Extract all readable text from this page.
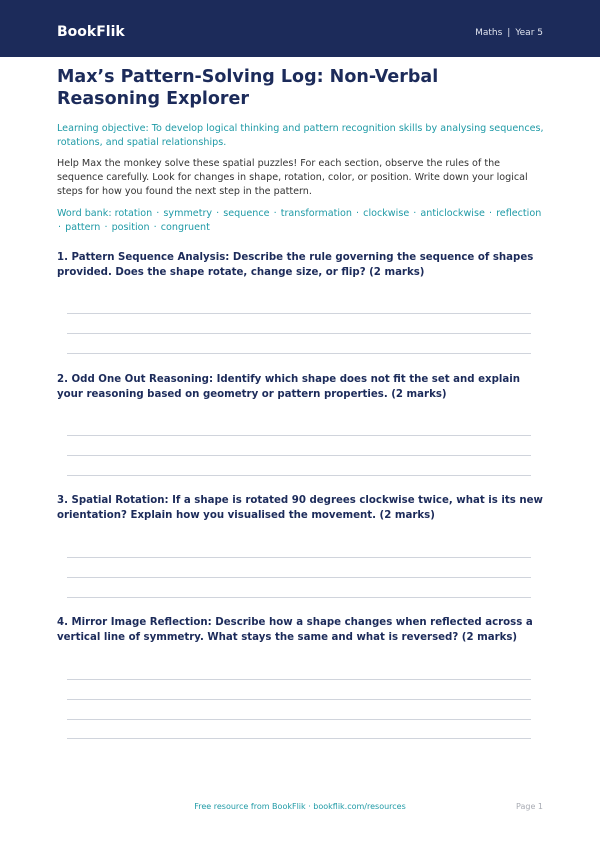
BookFlik	Maths | Year 5
Max’s Pattern-Solving Log: Non-Verbal Reasoning Explorer

Learning objective: To develop logical thinking and pattern recognition skills by analysing sequences, rotations, and spatial relationships.

Help Max the monkey solve these spatial puzzles! For each section, observe the rules of the sequence carefully. Look for changes in shape, rotation, color, or position. Write down your logical steps for how you found the next step in the pattern.

Word bank: rotation · symmetry · sequence · transformation · clockwise · anticlockwise · reflection · pattern · position · congruent

1. Pattern Sequence Analysis: Describe the rule governing the sequence of shapes provided. Does the shape rotate, change size, or flip? (2 marks)
2. Odd One Out Reasoning: Identify which shape does not fit the set and explain your reasoning based on geometry or pattern properties. (2 marks)
3. Spatial Rotation: If a shape is rotated 90 degrees clockwise twice, what is its new orientation? Explain how you visualised the movement. (2 marks)
4. Mirror Image Reflection: Describe how a shape changes when reflected across a vertical line of symmetry. What stays the same and what is reversed? (2 marks)
Free resource from BookFlik · bookflik.com/resources	Page 1
